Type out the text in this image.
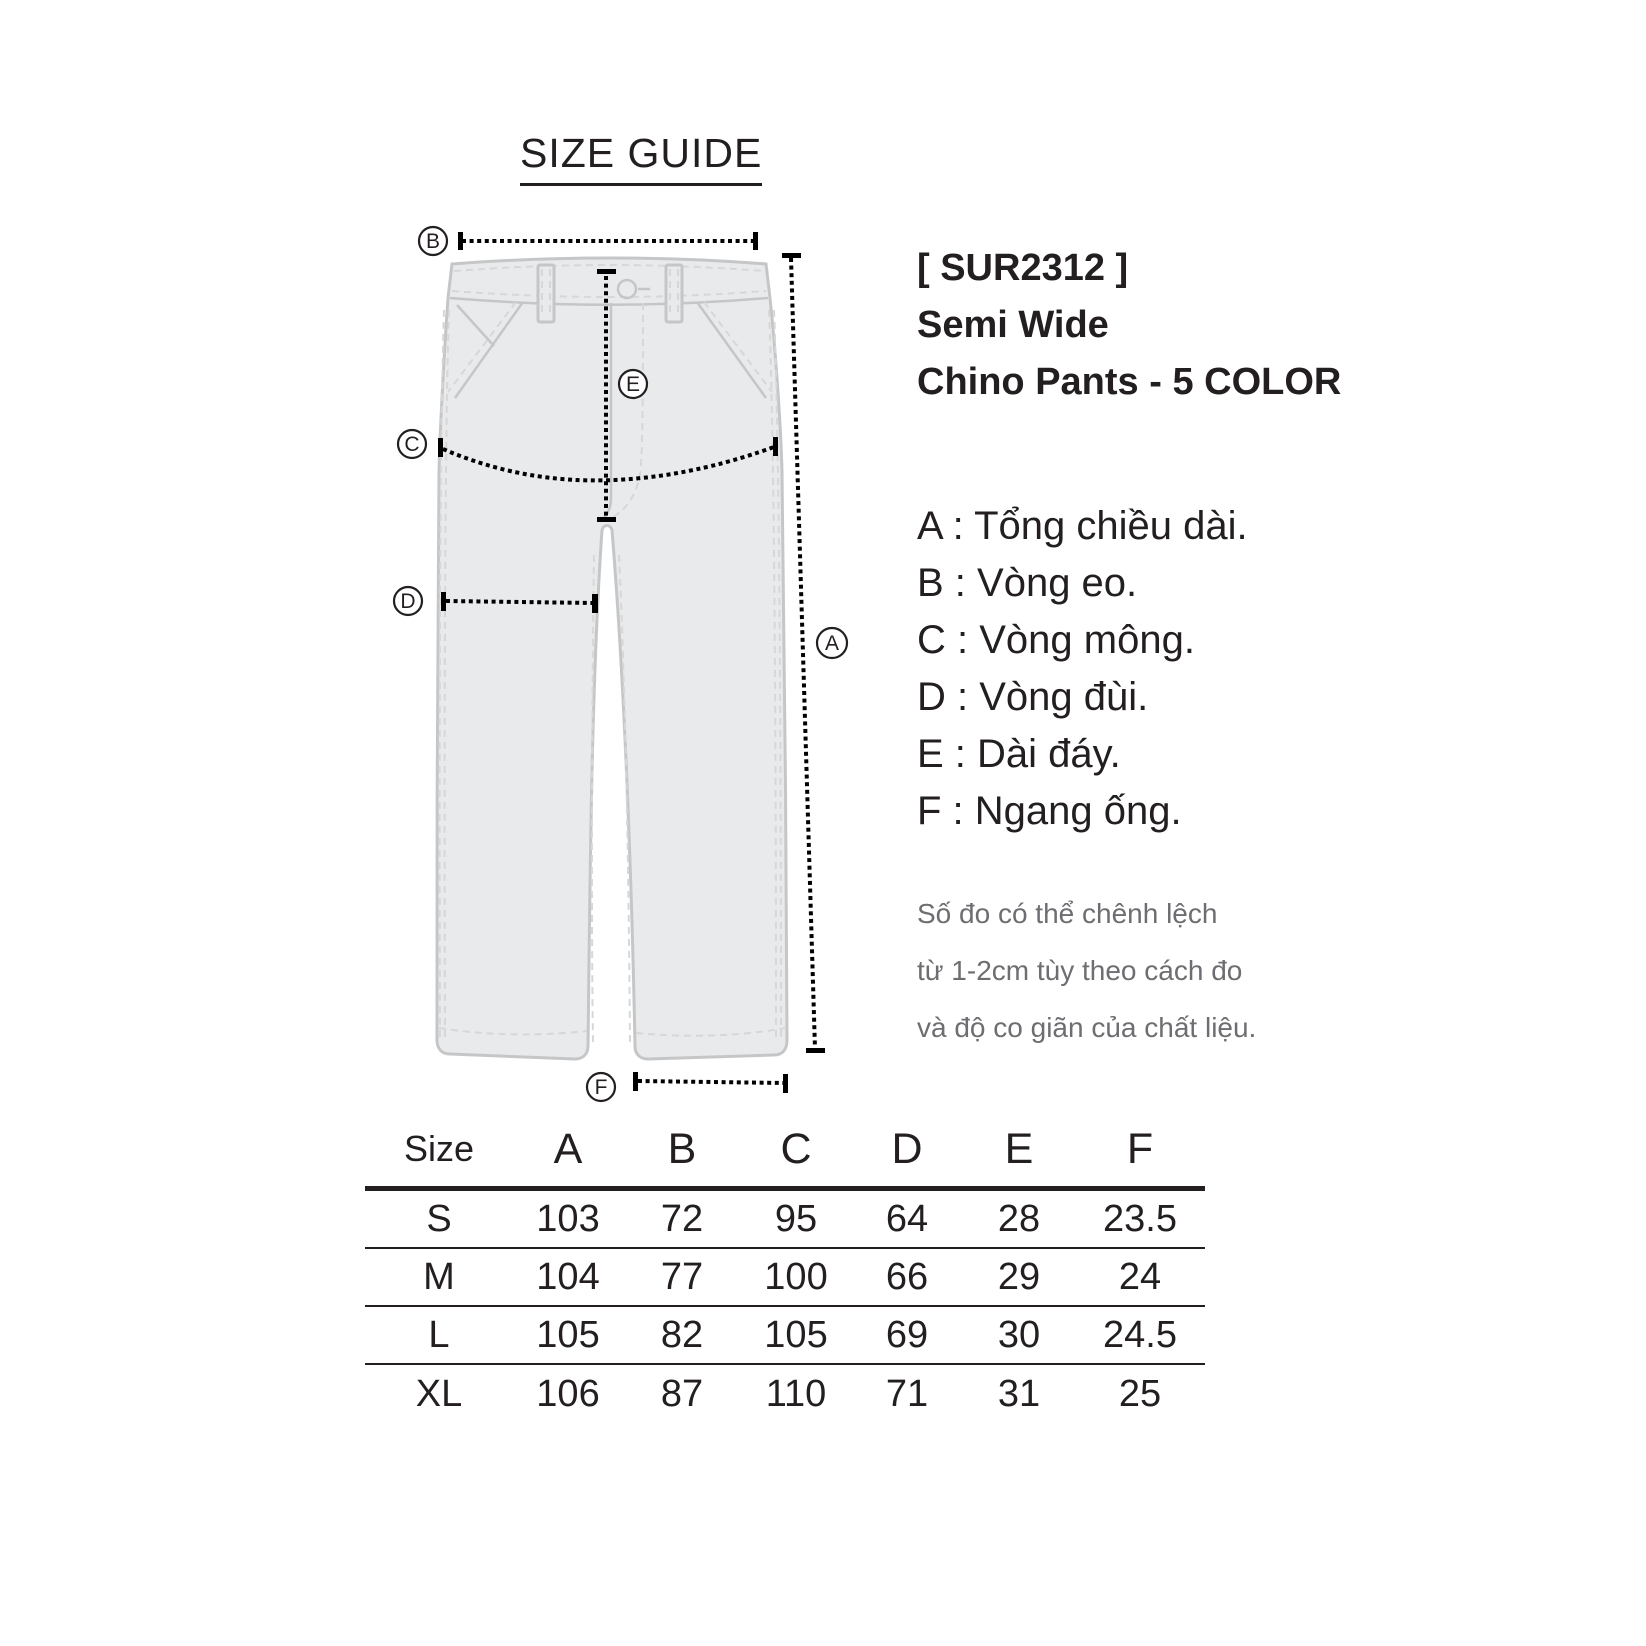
B
C
D
E
A
F
SIZE GUIDE
[ SUR2312 ]
Semi Wide
Chino Pants - 5 COLOR
A : Tổng chiều dài.
B : Vòng eo.
C : Vòng mông.
D : Vòng đùi.
E : Dài đáy.
F : Ngang ống.
Số đo có thể chênh lệch
từ 1-2cm tùy theo cách đo
và độ co giãn của chất liệu.
Size	A	B	C	D	E	F
S	103	72	95	64	28	23.5
M	104	77	100	66	29	24
L	105	82	105	69	30	24.5
XL	106	87	110	71	31	25
